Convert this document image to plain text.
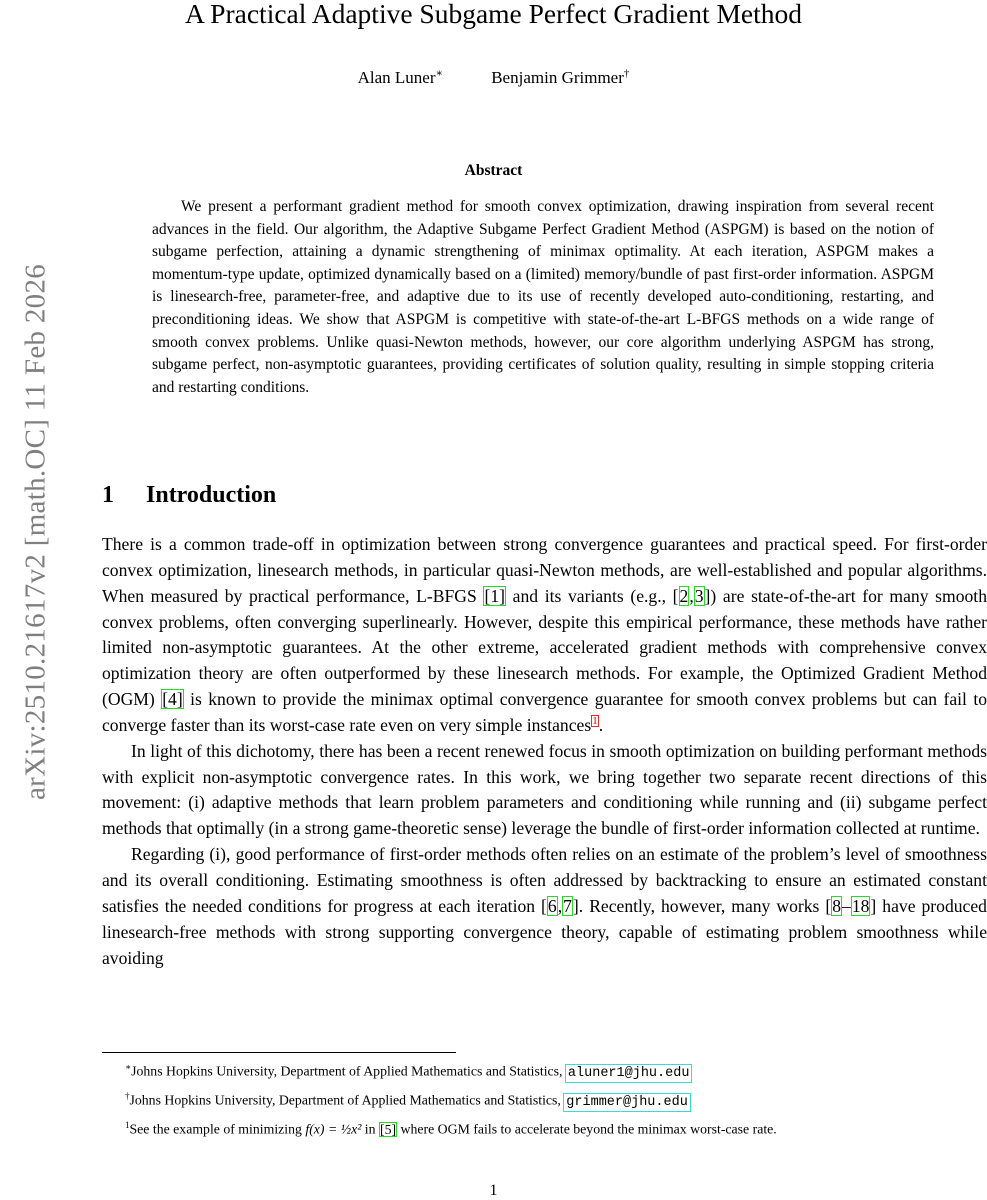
arXiv:2510.21617v2 [math.OC] 11 Feb 2026
A Practical Adaptive Subgame Perfect Gradient Method
Alan Luner∗	Benjamin Grimmer†
Abstract

We present a performant gradient method for smooth convex optimization, drawing inspiration from several recent advances in the field. Our algorithm, the Adaptive Subgame Perfect Gradient Method (ASPGM) is based on the notion of subgame perfection, attaining a dynamic strengthening of minimax optimality. At each iteration, ASPGM makes a momentum-type update, optimized dynamically based on a (limited) memory/bundle of past first-order information. ASPGM is linesearch-free, parameter-free, and adaptive due to its use of recently developed auto-conditioning, restarting, and preconditioning ideas. We show that ASPGM is competitive with state-of-the-art L-BFGS methods on a wide range of smooth convex problems. Unlike quasi-Newton methods, however, our core algorithm underlying ASPGM has strong, subgame perfect, non-asymptotic guarantees, providing certificates of solution quality, resulting in simple stopping criteria and restarting conditions.

1 Introduction

There is a common trade-off in optimization between strong convergence guarantees and practical speed. For first-order convex optimization, linesearch methods, in particular quasi-Newton methods, are well-established and popular algorithms. When measured by practical performance, L-BFGS [1] and its variants (e.g., [2,3]) are state-of-the-art for many smooth convex problems, often converging superlinearly. However, despite this empirical performance, these methods have rather limited non-asymptotic guarantees. At the other extreme, accelerated gradient methods with comprehensive convex optimization theory are often outperformed by these linesearch methods. For example, the Optimized Gradient Method (OGM) [4] is known to provide the minimax optimal convergence guarantee for smooth convex problems but can fail to converge faster than its worst-case rate even on very simple instances$^1$.

In light of this dichotomy, there has been a recent renewed focus in smooth optimization on building performant methods with explicit non-asymptotic convergence rates. In this work, we bring together two separate recent directions of this movement: (i) adaptive methods that learn problem parameters and conditioning while running and (ii) subgame perfect methods that optimally (in a strong game-theoretic sense) leverage the bundle of first-order information collected at runtime.

Regarding (i), good performance of first-order methods often relies on an estimate of the problem’s level of smoothness and its overall conditioning. Estimating smoothness is often addressed by backtracking to ensure an estimated constant satisfies the needed conditions for progress at each iteration [6,7]. Recently, however, many works [8–18] have produced linesearch-free methods with strong supporting convergence theory, capable of estimating problem smoothness while avoiding

∗Johns Hopkins University, Department of Applied Mathematics and Statistics, aluner1@jhu.edu

†Johns Hopkins University, Department of Applied Mathematics and Statistics, grimmer@jhu.edu

$^1$See the example of minimizing f(x) = ½x² in [5] where OGM fails to accelerate beyond the minimax worst-case rate.

1
